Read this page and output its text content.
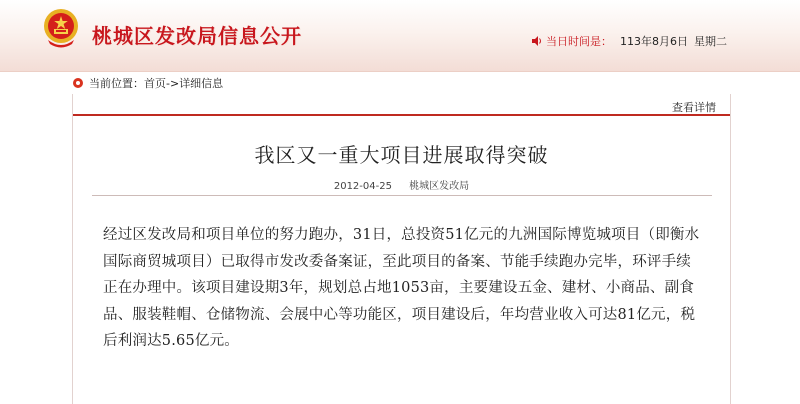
桃城区发改局信息公开	当日时间是： 113年8月6日 星期二
当前位置： 首页 -> 详细信息
查看详情
我区又一重大项目进展取得突破
2012-04-25 桃城区发改局
经过区发改局和项目单位的努力跑办，31日，总投资51亿元的九洲国际博览城项目（即衡水国际商贸城项目）已取得市发改委备案证，至此项目的备案、节能手续跑办完毕，环评手续正在办理中。该项目建设期3年，规划总占地1053亩，主要建设五金、建材、小商品、副食品、服装鞋帽、仓储物流、会展中心等功能区，项目建设后，年均营业收入可达81亿元，税后利润达5.65亿元。
